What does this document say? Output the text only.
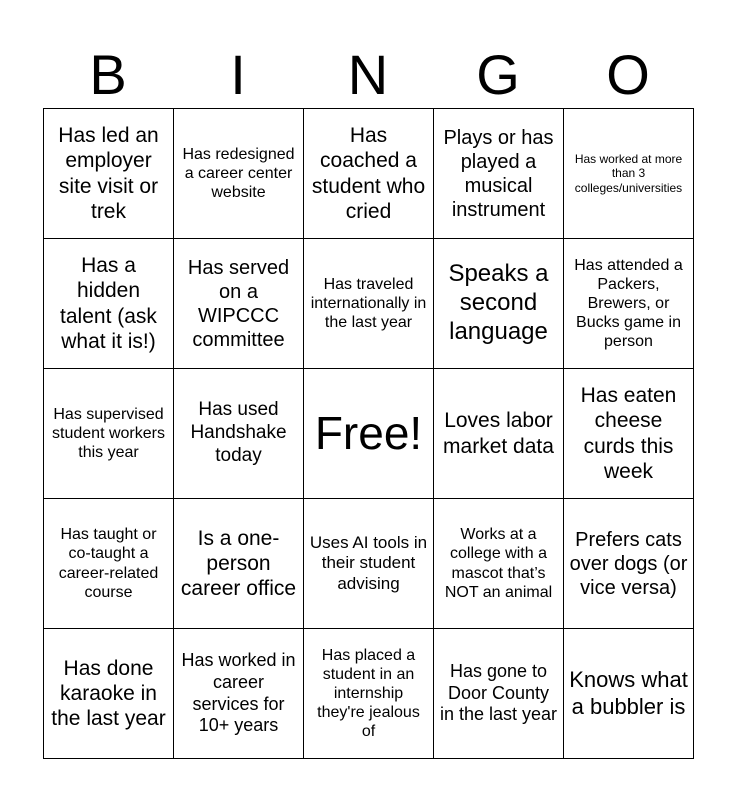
B	I	N	G	O
Has led an employer site visit or trek	Has redesigned a career center website	Has coached a student who cried	Plays or has played a musical instrument	Has worked at more than 3 colleges/universities
Has a hidden talent (ask what it is!)	Has served on a WIPCCC committee	Has traveled internationally in the last year	Speaks a second language	Has attended a Packers, Brewers, or Bucks game in person
Has supervised student workers this year	Has used Handshake today	Free!	Loves labor market data	Has eaten cheese curds this week
Has taught or co-taught a career-related course	Is a one-person career office	Uses AI tools in their student advising	Works at a college with a mascot that’s NOT an animal	Prefers cats over dogs (or vice versa)
Has done karaoke in the last year	Has worked in career services for 10+ years	Has placed a student in an internship they're jealous of	Has gone to Door County in the last year	Knows what a bubbler is
